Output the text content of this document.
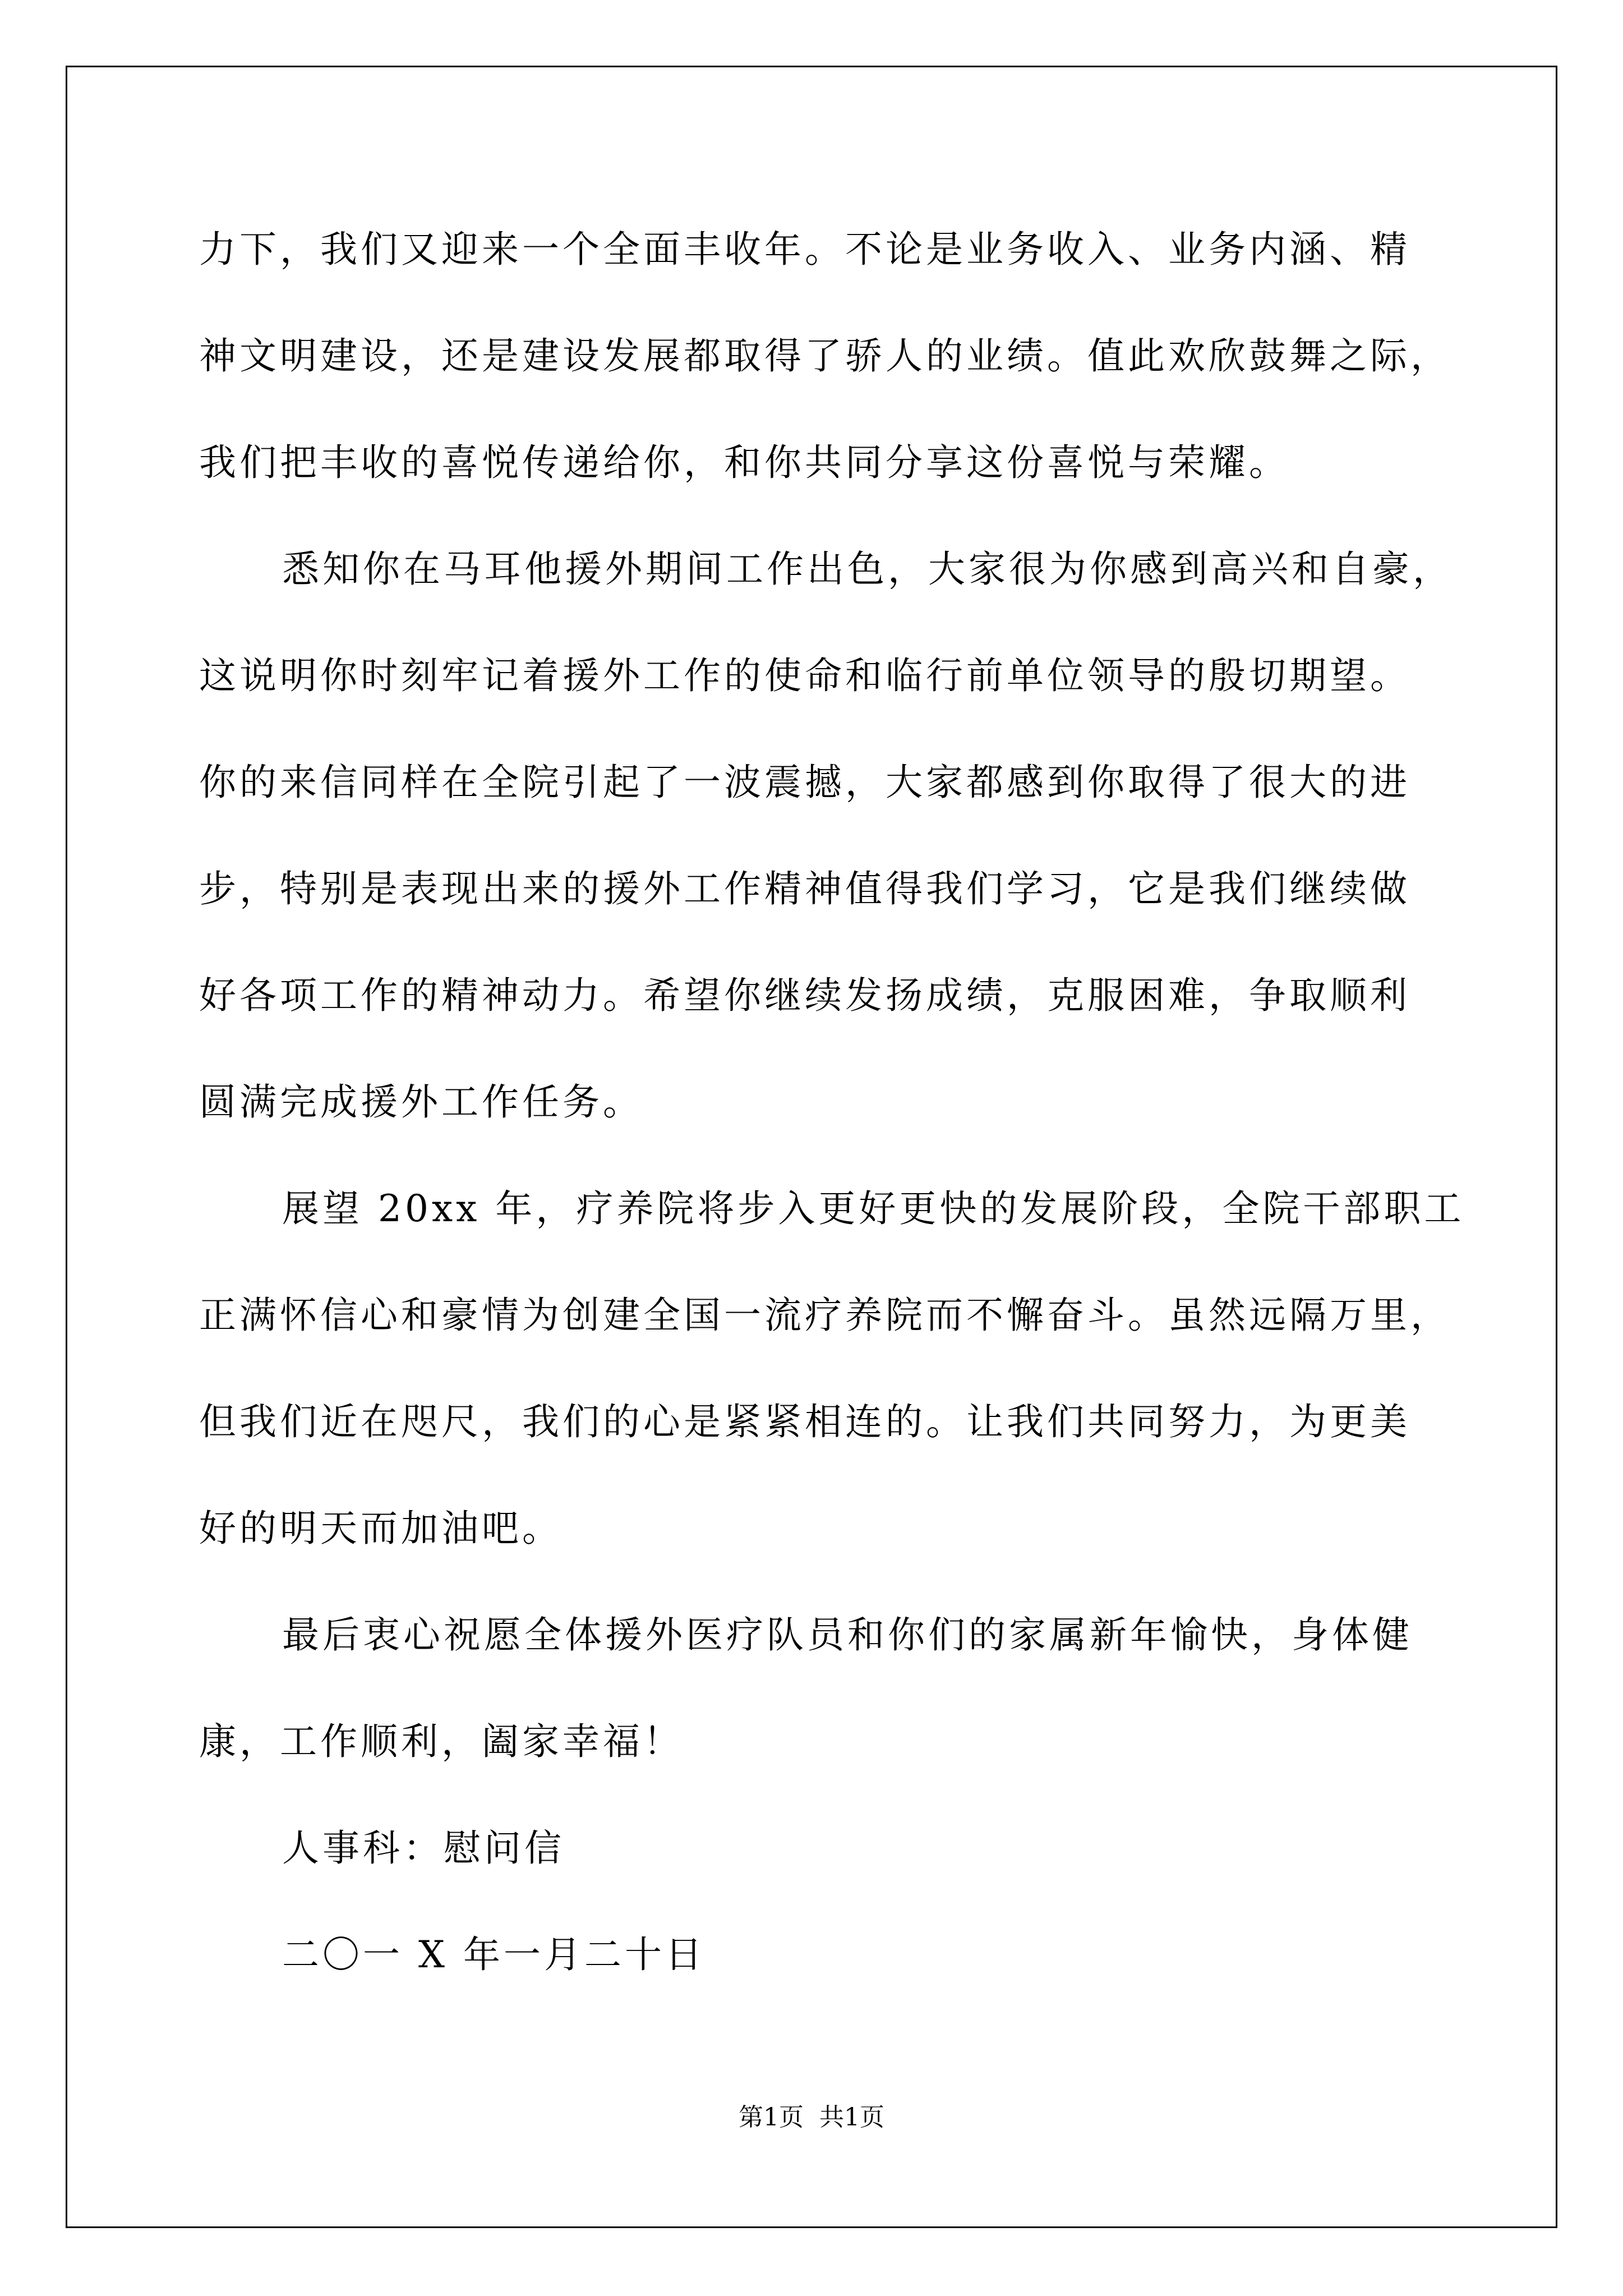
力下，我们又迎来一个全面丰收年。不论是业务收入、业务内涵、精
神文明建设，还是建设发展都取得了骄人的业绩。值此欢欣鼓舞之际，
我们把丰收的喜悦传递给你，和你共同分享这份喜悦与荣耀。
悉知你在马耳他援外期间工作出色，大家很为你感到高兴和自豪，
这说明你时刻牢记着援外工作的使命和临行前单位领导的殷切期望。
你的来信同样在全院引起了一波震撼，大家都感到你取得了很大的进
步，特别是表现出来的援外工作精神值得我们学习，它是我们继续做
好各项工作的精神动力。希望你继续发扬成绩，克服困难，争取顺利
圆满完成援外工作任务。
展望 20xx 年，疗养院将步入更好更快的发展阶段，全院干部职工
正满怀信心和豪情为创建全国一流疗养院而不懈奋斗。虽然远隔万里，
但我们近在咫尺，我们的心是紧紧相连的。让我们共同努力，为更美
好的明天而加油吧。
最后衷心祝愿全体援外医疗队员和你们的家属新年愉快，身体健
康，工作顺利，阖家幸福！
人事科：慰问信
二〇一 X 年一月二十日
第1页 共1页
